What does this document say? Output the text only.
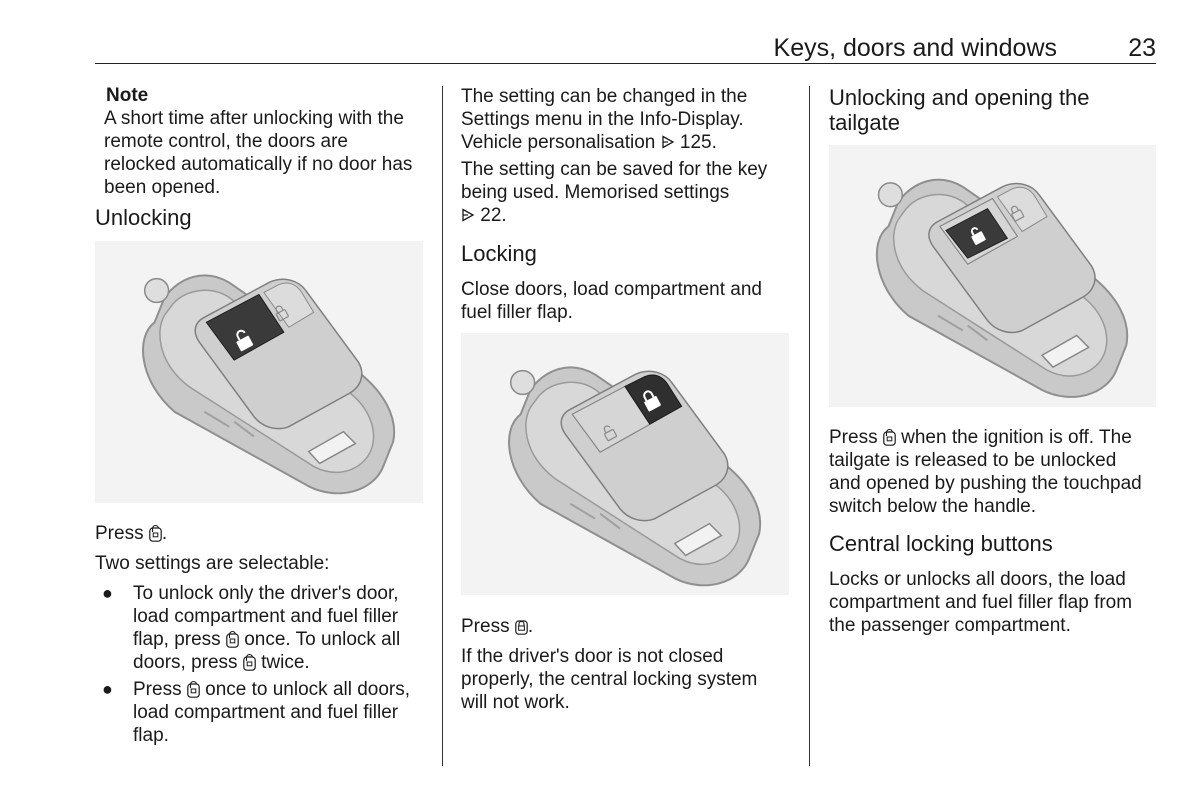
Keys, doors and windows	23
Note
A short time after unlocking with the
remote control, the doors are
relocked automatically if no door has
been opened.
Unlocking
Press .
Two settings are selectable:
● To unlock only the driver's door,
load compartment and fuel filler
flap, press once. To unlock all
doors, press twice.
● Press once to unlock all doors,
load compartment and fuel filler
flap.
The setting can be changed in the
Settings menu in the Info-Display.
Vehicle personalisation 125.
The setting can be saved for the key
being used. Memorised settings
22.
Locking
Close doors, load compartment and
fuel filler flap.
Press .
If the driver's door is not closed
properly, the central locking system
will not work.
Unlocking and opening the
tailgate
Press when the ignition is off. The
tailgate is released to be unlocked
and opened by pushing the touchpad
switch below the handle.
Central locking buttons
Locks or unlocks all doors, the load
compartment and fuel filler flap from
the passenger compartment.
